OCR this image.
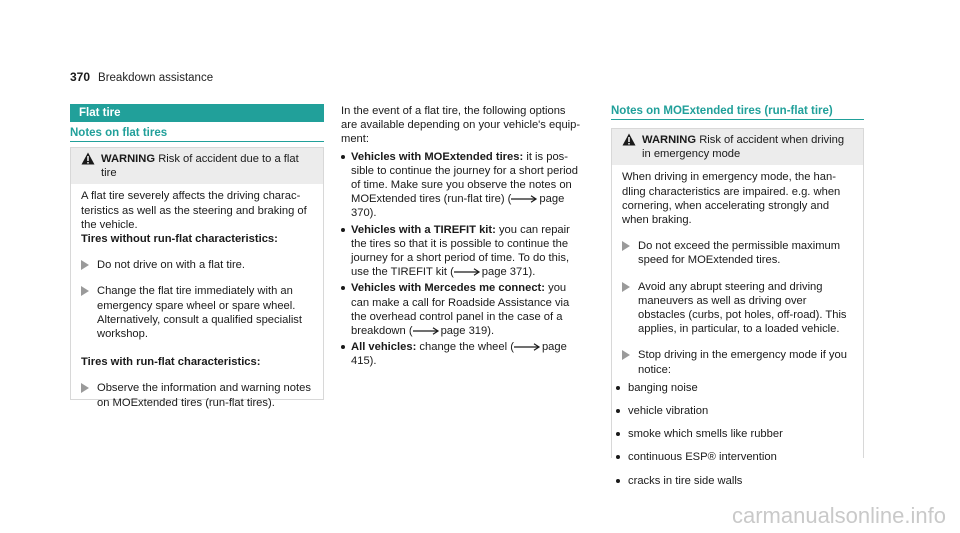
370 Breakdown assistance
Flat tire
Notes on flat tires
WARNING Risk of accident due to a flat tire

A flat tire severely affects the driving characteristics as well as the steering and braking of the vehicle.

Tires without run-flat characteristics:

Do not drive on with a flat tire.
Change the flat tire immediately with an emergency spare wheel or spare wheel. Alternatively, consult a qualified specialist workshop.

Tires with run-flat characteristics:

Observe the information and warning notes on MOExtended tires (run-flat tires).

In the event of a flat tire, the following options are available depending on your vehicle's equipment:

Vehicles with MOExtended tires: it is possible to continue the journey for a short period of time. Make sure you observe the notes on MOExtended tires (run-flat tire) (	page 370).
Vehicles with a TIREFIT kit: you can repair the tires so that it is possible to continue the journey for a short period of time. To do this, use the TIREFIT kit (	page 371).
Vehicles with Mercedes me connect: you can make a call for Roadside Assistance via the overhead control panel in the case of a breakdown (	page 319).
All vehicles: change the wheel (	page 415).
Notes on MOExtended tires (run-flat tire)
WARNING Risk of accident when driving in emergency mode

When driving in emergency mode, the handling characteristics are impaired. e.g. when cornering, when accelerating strongly and when braking.

Do not exceed the permissible maximum speed for MOExtended tires.
Avoid any abrupt steering and driving maneuvers as well as driving over obstacles (curbs, pot holes, off-road). This applies, in particular, to a loaded vehicle.
Stop driving in the emergency mode if you notice:
banging noise
vehicle vibration
smoke which smells like rubber
continuous ESP® intervention
cracks in tire side walls
carmanualsonline.info
